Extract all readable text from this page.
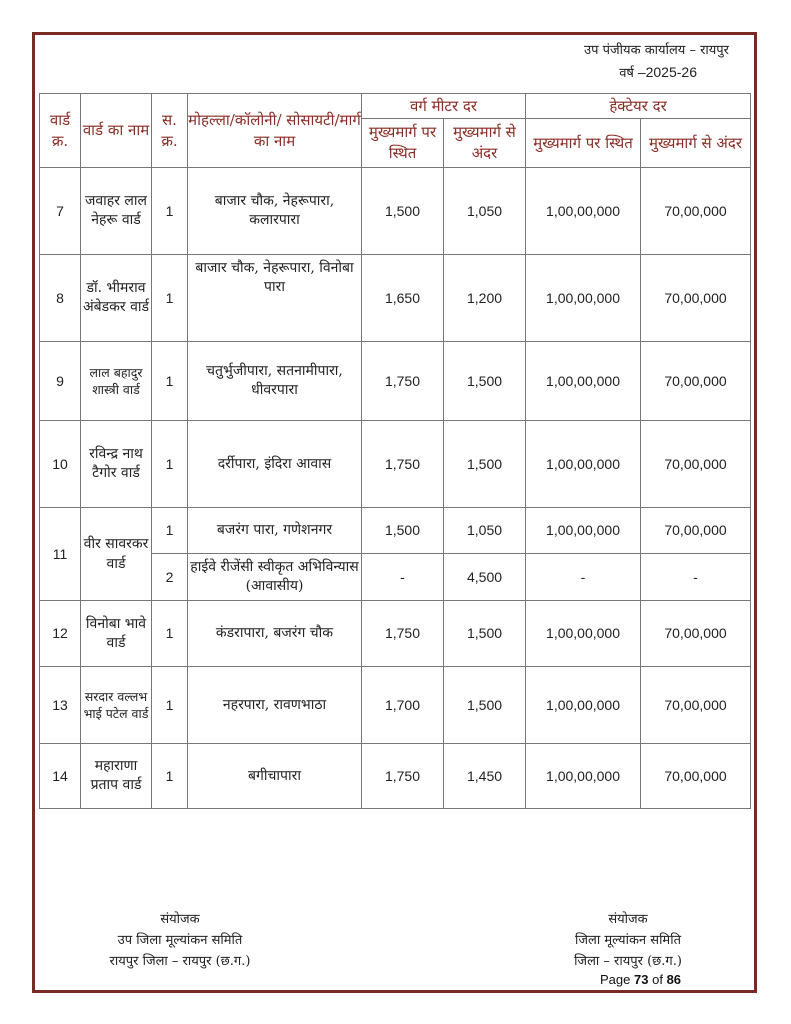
उप पंजीयक कार्यालय – रायपुर
वर्ष –2025-26
वार्ड क्र.	वार्ड का नाम	स. क्र.	मोहल्ला/कॉलोनी/ सोसायटी/मार्ग का नाम	वर्ग मीटर दर		हेक्टेयर दर	
				मुख्यमार्ग पर स्थित	मुख्यमार्ग से अंदर	मुख्यमार्ग पर स्थित	मुख्यमार्ग से अंदर
7	जवाहर लाल नेहरू वार्ड	1	बाजार चौक, नेहरूपारा, कलारपारा	1,500	1,050	1,00,00,000	70,00,000
8	डॉ. भीमराव अंबेडकर वार्ड	1	बाजार चौक, नेहरूपारा, विनोबा पारा	1,650	1,200	1,00,00,000	70,00,000
9	लाल बहादुर शास्त्री वार्ड	1	चतुर्भुजीपारा, सतनामीपारा, धीवरपारा	1,750	1,500	1,00,00,000	70,00,000
10	रविन्द्र नाथ टैगोर वार्ड	1	दर्रीपारा, इंदिरा आवास	1,750	1,500	1,00,00,000	70,00,000
11	वीर सावरकर वार्ड	1	बजरंग पारा, गणेशनगर	1,500	1,050	1,00,00,000	70,00,000
		2	हाईवे रीजेंसी स्वीकृत अभिविन्यास (आवासीय)	-	4,500	-	-
12	विनोबा भावे वार्ड	1	कंडरापारा, बजरंग चौक	1,750	1,500	1,00,00,000	70,00,000
13	सरदार वल्लभ भाई पटेल वार्ड	1	नहरपारा, रावणभाठा	1,700	1,500	1,00,00,000	70,00,000
14	महाराणा प्रताप वार्ड	1	बगीचापारा	1,750	1,450	1,00,00,000	70,00,000
संयोजक
उप जिला मूल्यांकन समिति
रायपुर जिला – रायपुर (छ.ग.)
संयोजक
जिला मूल्यांकन समिति
जिला – रायपुर (छ.ग.)
Page 73 of 86
